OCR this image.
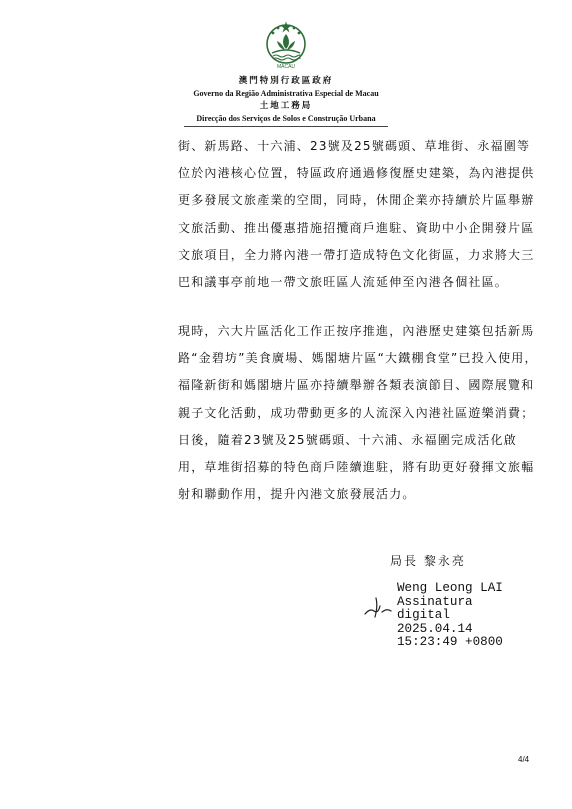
MACAU
澳門特別行政區政府
Governo da Região Administrativa Especial de Macau
土地工務局
Direcção dos Serviços de Solos e Construção Urbana

街、新馬路、十六浦、23號及25號碼頭、草堆街、永福圍等位於內港核心位置，特區政府通過修復歷史建築，為內港提供更多發展文旅產業的空間，同時，休閒企業亦持續於片區舉辦文旅活動、推出優惠措施招攬商戶進駐、資助中小企開發片區文旅項目，全力將內港一帶打造成特色文化街區，力求將大三巴和議事亭前地一帶文旅旺區人流延伸至內港各個社區。

現時，六大片區活化工作正按序推進，內港歷史建築包括新馬路“金碧坊”美食廣場、媽閣塘片區“大鐵棚食堂”已投入使用，福隆新街和媽閣塘片區亦持續舉辦各類表演節目、國際展覽和親子文化活動，成功帶動更多的人流深入內港社區遊樂消費；日後，隨着23號及25號碼頭、十六浦、永福圍完成活化啟用，草堆街招募的特色商戶陸續進駐，將有助更好發揮文旅輻射和聯動作用，提升內港文旅發展活力。

局長 黎永亮
Weng Leong LAI
Assinatura
digital
2025.04.14
15:23:49 +0800
4/4
